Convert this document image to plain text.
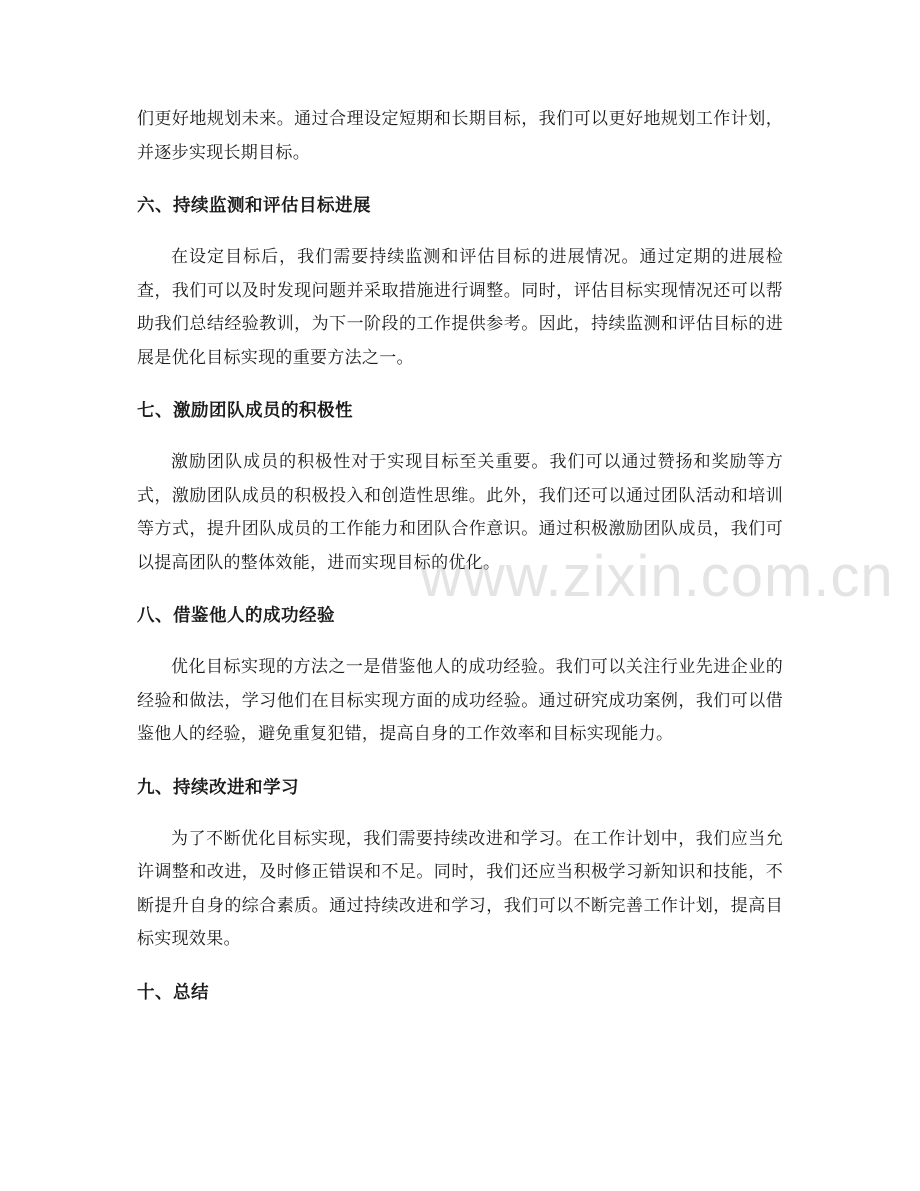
们更好地规划未来。通过合理设定短期和长期目标，我们可以更好地规划工作计划，并逐步实现长期目标。

六、持续监测和评估目标进展

在设定目标后，我们需要持续监测和评估目标的进展情况。通过定期的进展检查，我们可以及时发现问题并采取措施进行调整。同时，评估目标实现情况还可以帮助我们总结经验教训，为下一阶段的工作提供参考。因此，持续监测和评估目标的进展是优化目标实现的重要方法之一。

七、激励团队成员的积极性

激励团队成员的积极性对于实现目标至关重要。我们可以通过赞扬和奖励等方式，激励团队成员的积极投入和创造性思维。此外，我们还可以通过团队活动和培训等方式，提升团队成员的工作能力和团队合作意识。通过积极激励团队成员，我们可以提高团队的整体效能，进而实现目标的优化。

八、借鉴他人的成功经验

优化目标实现的方法之一是借鉴他人的成功经验。我们可以关注行业先进企业的经验和做法，学习他们在目标实现方面的成功经验。通过研究成功案例，我们可以借鉴他人的经验，避免重复犯错，提高自身的工作效率和目标实现能力。

九、持续改进和学习

为了不断优化目标实现，我们需要持续改进和学习。在工作计划中，我们应当允许调整和改进，及时修正错误和不足。同时，我们还应当积极学习新知识和技能，不断提升自身的综合素质。通过持续改进和学习，我们可以不断完善工作计划，提高目标实现效果。

十、总结
www.zixin.com.cn
